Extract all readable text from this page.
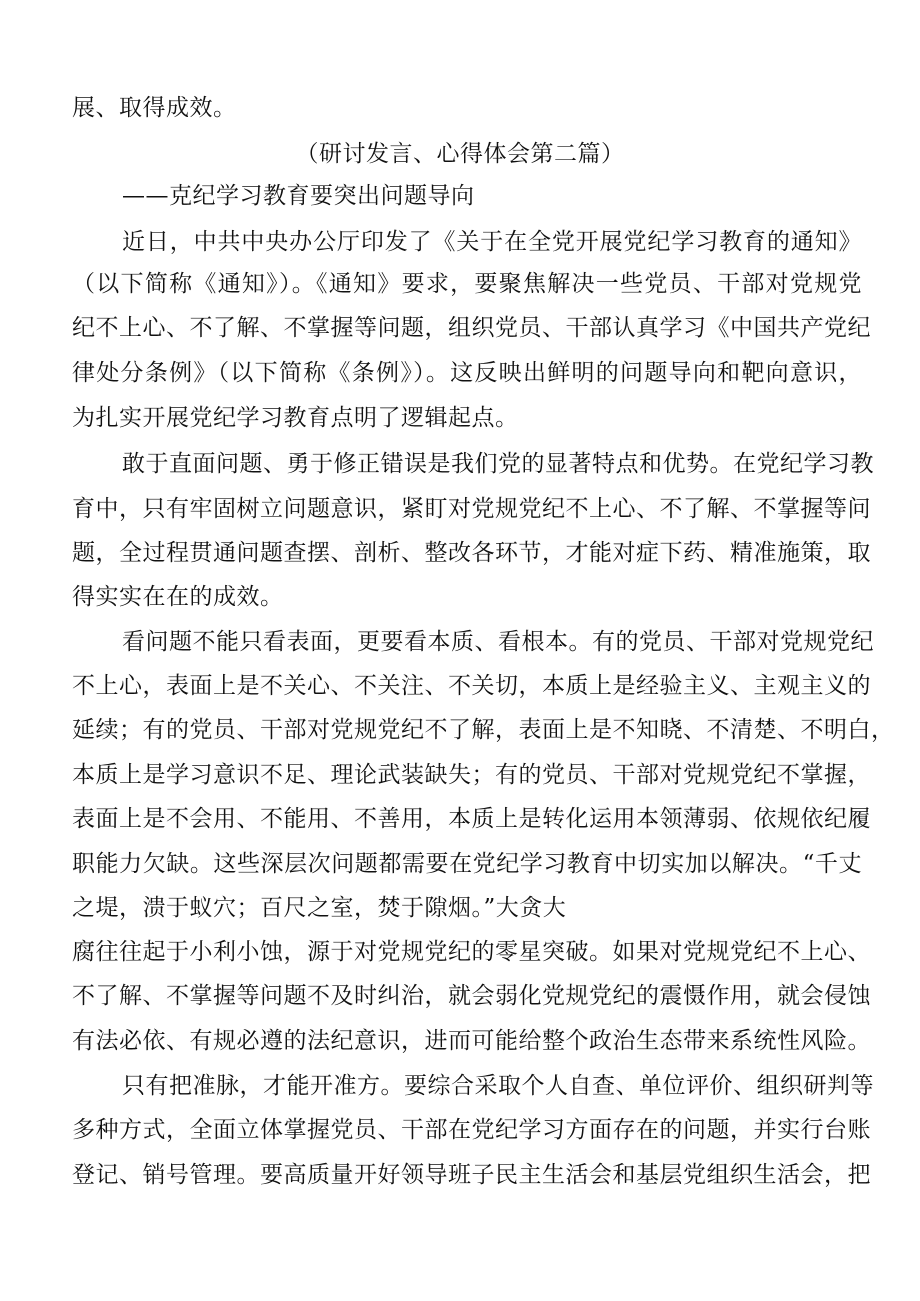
展、取得成效。
（研讨发言、心得体会第二篇）
——克纪学习教育要突出问题导向
近日，中共中央办公厅印发了《关于在全党开展党纪学习教育的通知》
（以下简称《通知》）。《通知》要求，要聚焦解决一些党员、干部对党规党
纪不上心、不了解、不掌握等问题，组织党员、干部认真学习《中国共产党纪
律处分条例》（以下简称《条例》）。这反映出鲜明的问题导向和靶向意识，
为扎实开展党纪学习教育点明了逻辑起点。
敢于直面问题、勇于修正错误是我们党的显著特点和优势。在党纪学习教
育中，只有牢固树立问题意识，紧盯对党规党纪不上心、不了解、不掌握等问
题，全过程贯通问题查摆、剖析、整改各环节，才能对症下药、精准施策，取
得实实在在的成效。
看问题不能只看表面，更要看本质、看根本。有的党员、干部对党规党纪
不上心，表面上是不关心、不关注、不关切，本质上是经验主义、主观主义的
延续；有的党员、干部对党规党纪不了解，表面上是不知晓、不清楚、不明白，
本质上是学习意识不足、理论武装缺失；有的党员、干部对党规党纪不掌握，
表面上是不会用、不能用、不善用，本质上是转化运用本领薄弱、依规依纪履
职能力欠缺。这些深层次问题都需要在党纪学习教育中切实加以解决。“千丈
之堤，溃于蚁穴；百尺之室，焚于隙烟。”大贪大
腐往往起于小利小蚀，源于对党规党纪的零星突破。如果对党规党纪不上心、
不了解、不掌握等问题不及时纠治，就会弱化党规党纪的震慑作用，就会侵蚀
有法必依、有规必遵的法纪意识，进而可能给整个政治生态带来系统性风险。
只有把准脉，才能开准方。要综合采取个人自查、单位评价、组织研判等
多种方式，全面立体掌握党员、干部在党纪学习方面存在的问题，并实行台账
登记、销号管理。要高质量开好领导班子民主生活会和基层党组织生活会，把
